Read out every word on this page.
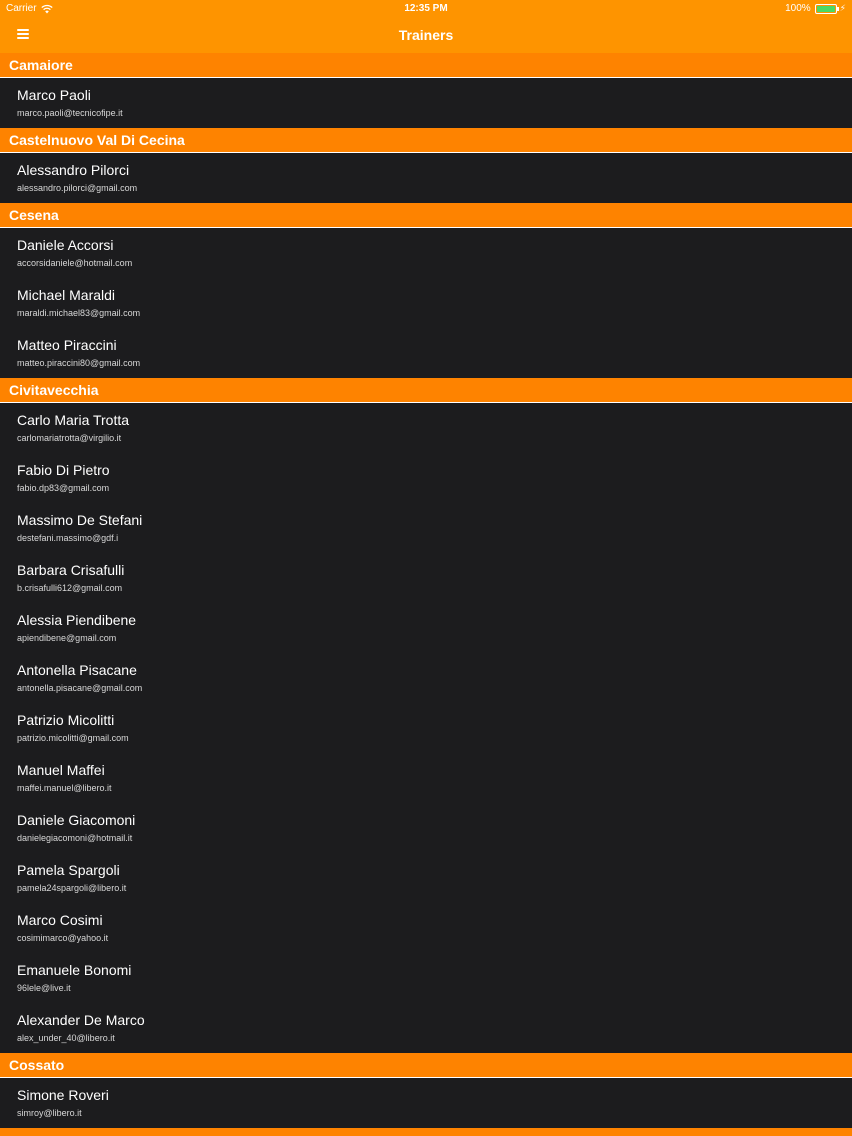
Carrier	12:35 PM	100%	⚡
Trainers
Camaiore
Marco Paoli
marco.paoli@tecnicofipe.it
Castelnuovo Val Di Cecina
Alessandro Pilorci
alessandro.pilorci@gmail.com
Cesena
Daniele Accorsi
accorsidaniele@hotmail.com
Michael Maraldi
maraldi.michael83@gmail.com
Matteo Piraccini
matteo.piraccini80@gmail.com
Civitavecchia
Carlo Maria Trotta
carlomariatrotta@virgilio.it
Fabio Di Pietro
fabio.dp83@gmail.com
Massimo De Stefani
destefani.massimo@gdf.i
Barbara Crisafulli
b.crisafulli612@gmail.com
Alessia Piendibene
apiendibene@gmail.com
Antonella Pisacane
antonella.pisacane@gmail.com
Patrizio Micolitti
patrizio.micolitti@gmail.com
Manuel Maffei
maffei.manuel@libero.it
Daniele Giacomoni
danielegiacomoni@hotmail.it
Pamela Spargoli
pamela24spargoli@libero.it
Marco Cosimi
cosimimarco@yahoo.it
Emanuele Bonomi
96lele@live.it
Alexander De Marco
alex_under_40@libero.it
Cossato
Simone Roveri
simroy@libero.it
